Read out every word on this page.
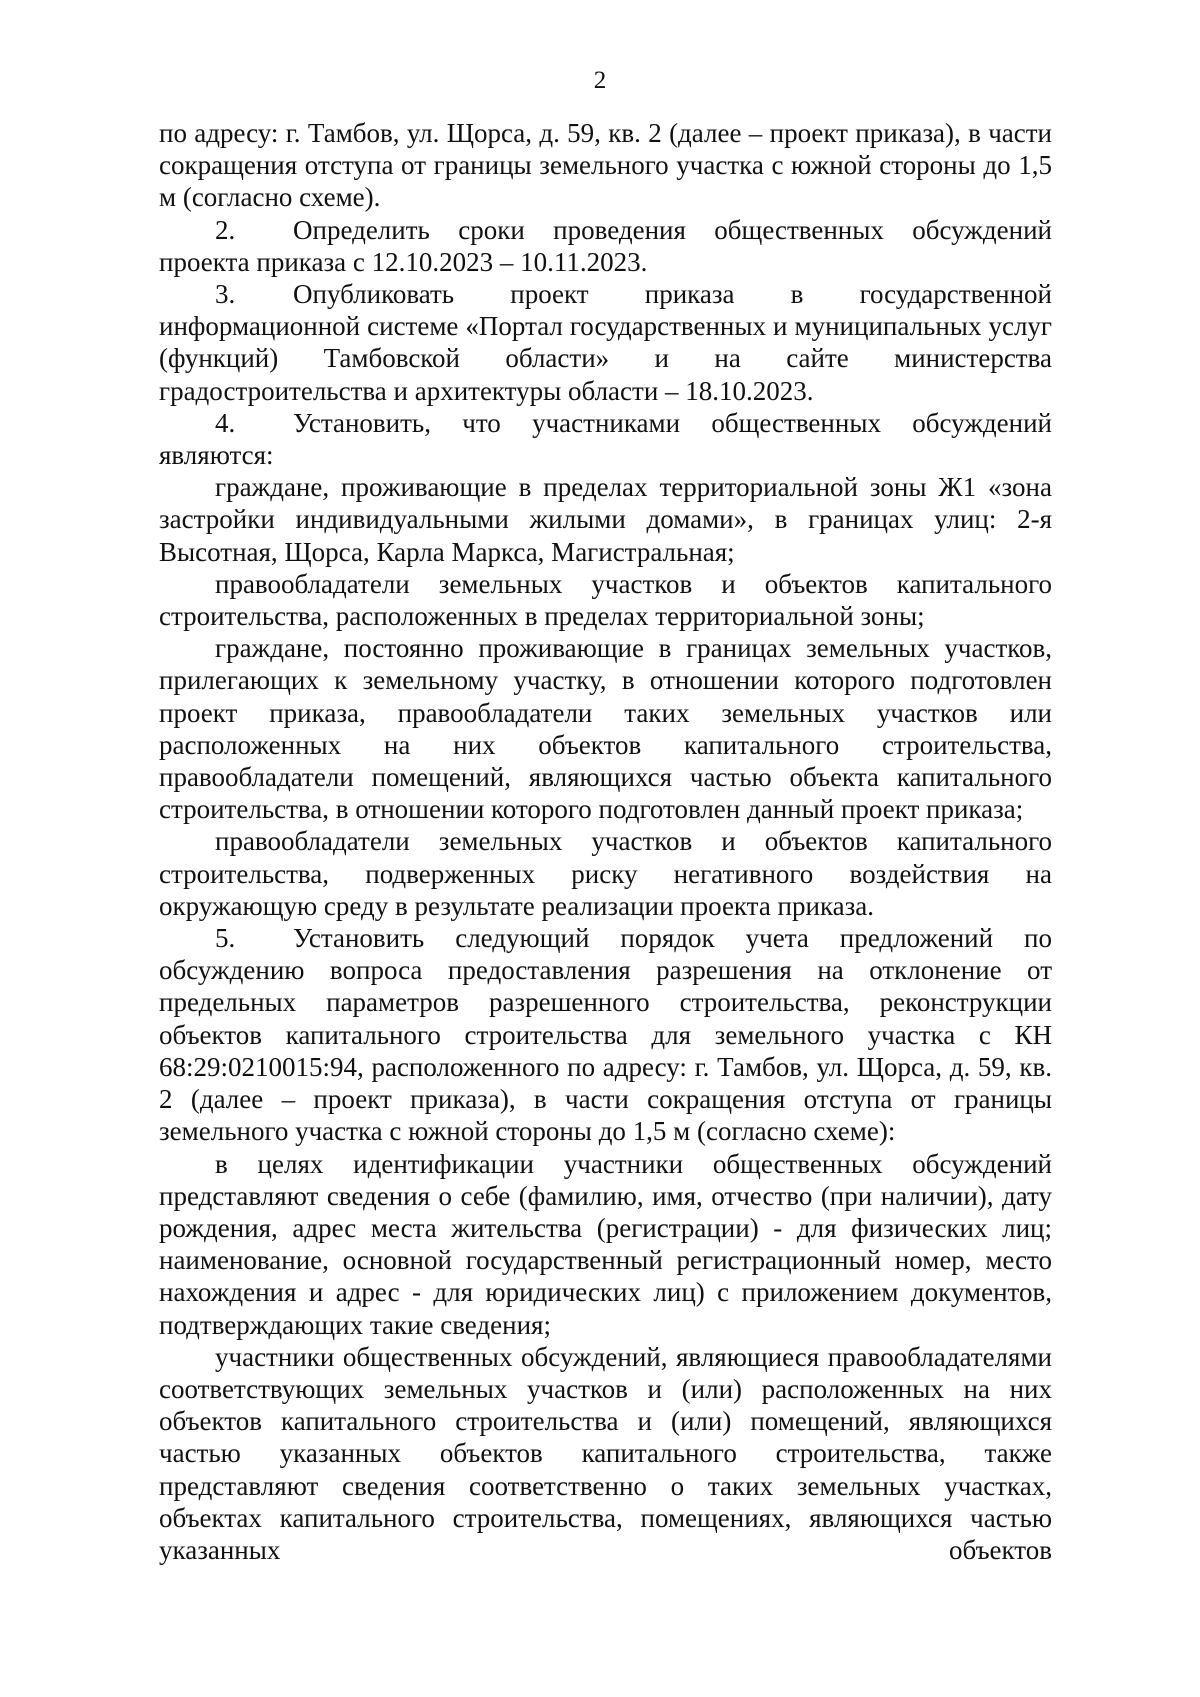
2

по адресу: г. Тамбов, ул. Щорса, д. 59, кв. 2 (далее – проект приказа), в части сокращения отступа от границы земельного участка с южной стороны до 1,5 м (согласно схеме).

2. Определить сроки проведения общественных обсуждений проекта приказа с 12.10.2023 – 10.11.2023.

3. Опубликовать проект приказа в государственной информационной системе «Портал государственных и муниципальных услуг (функций) Тамбовской области» и на сайте министерства градостроительства и архитектуры области – 18.10.2023.

4. Установить, что участниками общественных обсуждений являются:

граждане, проживающие в пределах территориальной зоны Ж1 «зона застройки индивидуальными жилыми домами», в границах улиц: 2-я Высотная, Щорса, Карла Маркса, Магистральная;

правообладатели земельных участков и объектов капитального строительства, расположенных в пределах территориальной зоны;

граждане, постоянно проживающие в границах земельных участков, прилегающих к земельному участку, в отношении которого подготовлен проект приказа, правообладатели таких земельных участков или расположенных на них объектов капитального строительства, правообладатели помещений, являющихся частью объекта капитального строительства, в отношении которого подготовлен данный проект приказа;

правообладатели земельных участков и объектов капитального строительства, подверженных риску негативного воздействия на окружающую среду в результате реализации проекта приказа.

5. Установить следующий порядок учета предложений по обсуждению вопроса предоставления разрешения на отклонение от предельных параметров разрешенного строительства, реконструкции объектов капитального строительства для земельного участка с КН 68:29:0210015:94, расположенного по адресу: г. Тамбов, ул. Щорса, д. 59, кв. 2 (далее – проект приказа), в части сокращения отступа от границы земельного участка с южной стороны до 1,5 м (согласно схеме):

в целях идентификации участники общественных обсуждений представляют сведения о себе (фамилию, имя, отчество (при наличии), дату рождения, адрес места жительства (регистрации) - для физических лиц; наименование, основной государственный регистрационный номер, место нахождения и адрес - для юридических лиц) с приложением документов, подтверждающих такие сведения;

участники общественных обсуждений, являющиеся правообладателями соответствующих земельных участков и (или) расположенных на них объектов капитального строительства и (или) помещений, являющихся частью указанных объектов капитального строительства, также представляют сведения соответственно о таких земельных участках, объектах капитального строительства, помещениях, являющихся частью указанных объектов
